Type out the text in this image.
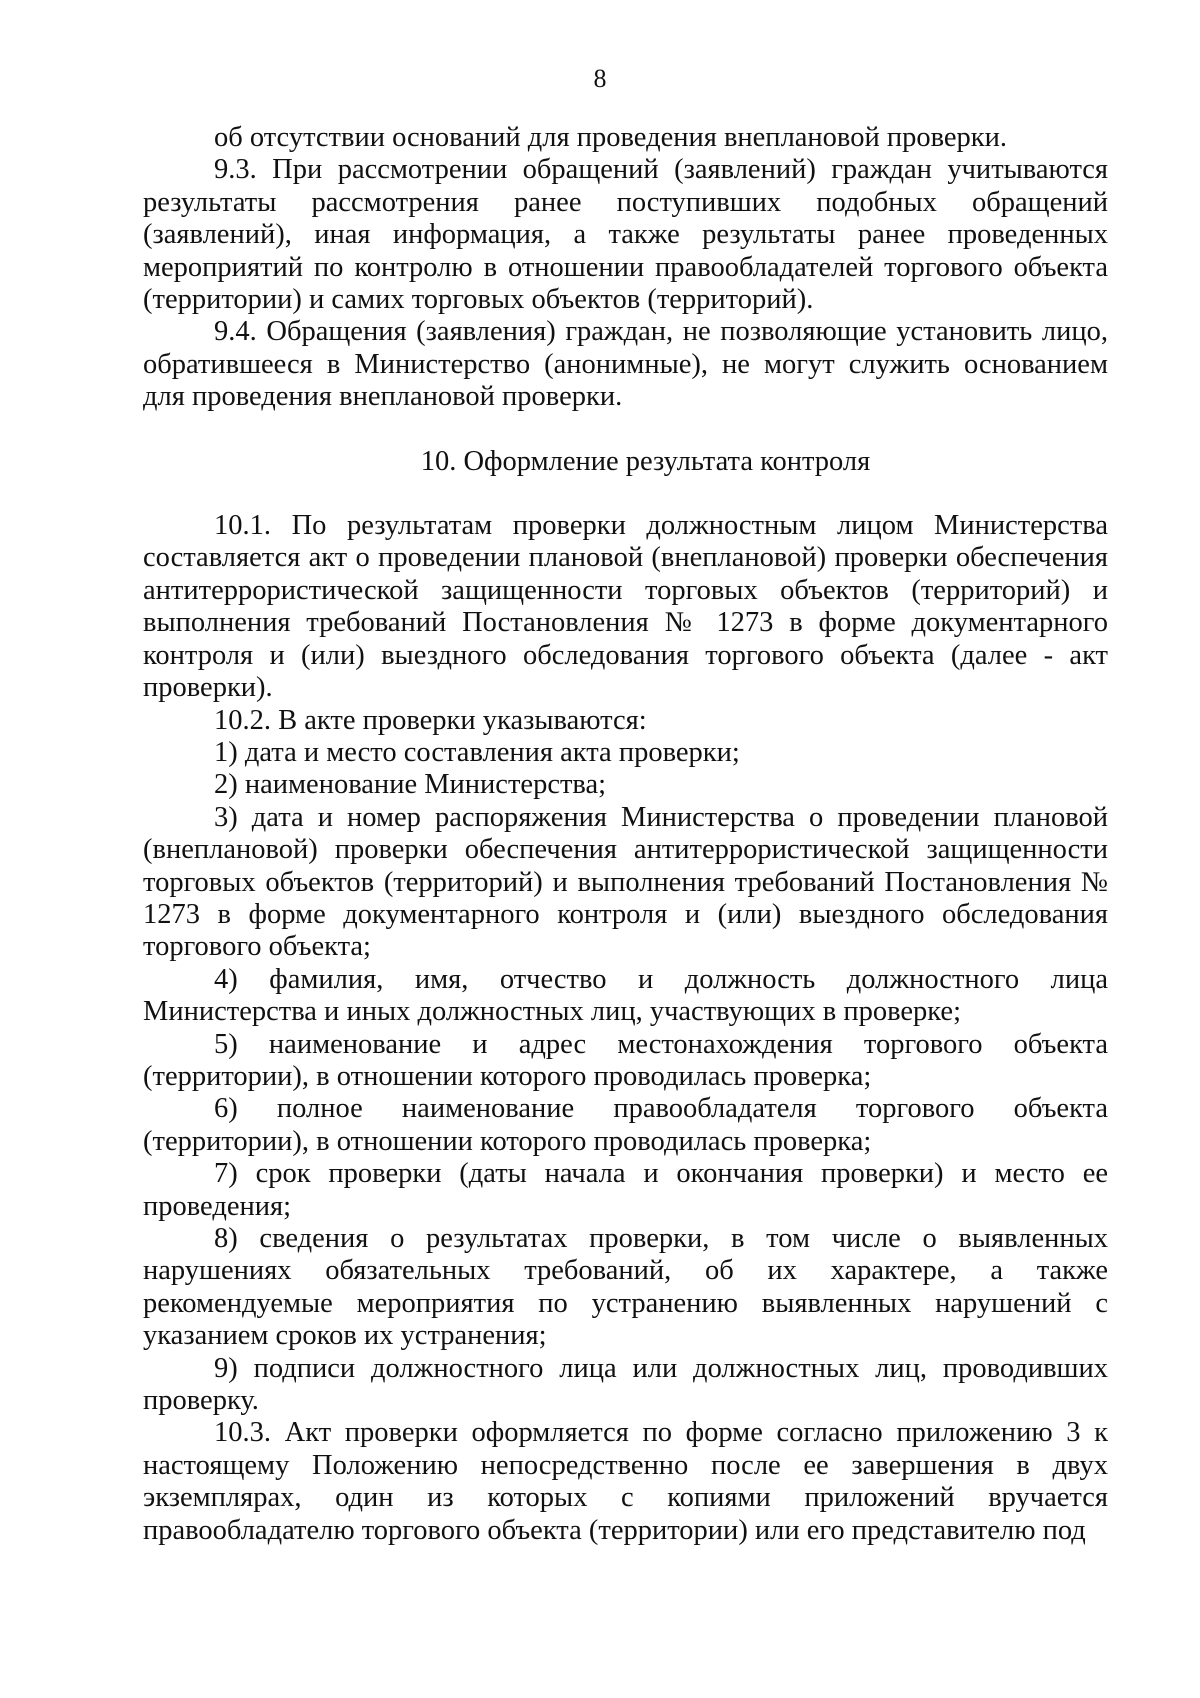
8

об отсутствии оснований для проведения внеплановой проверки.

9.3. При рассмотрении обращений (заявлений) граждан учитываются результаты рассмотрения ранее поступивших подобных обращений (заявлений), иная информация, а также результаты ранее проведенных мероприятий по контролю в отношении правообладателей торгового объекта (территории) и самих торговых объектов (территорий).

9.4. Обращения (заявления) граждан, не позволяющие установить лицо, обратившееся в Министерство (анонимные), не могут служить основанием для проведения внеплановой проверки.

10. Оформление результата контроля

10.1. По результатам проверки должностным лицом Министерства составляется акт о проведении плановой (внеплановой) проверки обеспечения антитеррористической защищенности торговых объектов (территорий) и выполнения требований Постановления № 1273 в форме документарного контроля и (или) выездного обследования торгового объекта (далее - акт проверки).

10.2. В акте проверки указываются:

1) дата и место составления акта проверки;

2) наименование Министерства;

3) дата и номер распоряжения Министерства о проведении плановой (внеплановой) проверки обеспечения антитеррористической защищенности торговых объектов (территорий) и выполнения требований Постановления № 1273 в форме документарного контроля и (или) выездного обследования торгового объекта;

4) фамилия, имя, отчество и должность должностного лица Министерства и иных должностных лиц, участвующих в проверке;

5) наименование и адрес местонахождения торгового объекта (территории), в отношении которого проводилась проверка;

6) полное наименование правообладателя торгового объекта (территории), в отношении которого проводилась проверка;

7) срок проверки (даты начала и окончания проверки) и место ее проведения;

8) сведения о результатах проверки, в том числе о выявленных нарушениях обязательных требований, об их характере, а также рекомендуемые мероприятия по устранению выявленных нарушений с указанием сроков их устранения;

9) подписи должностного лица или должностных лиц, проводивших проверку.

10.3. Акт проверки оформляется по форме согласно приложению 3 к настоящему Положению непосредственно после ее завершения в двух экземплярах, один из которых с копиями приложений вручается правообладателю торгового объекта (территории) или его представителю под
